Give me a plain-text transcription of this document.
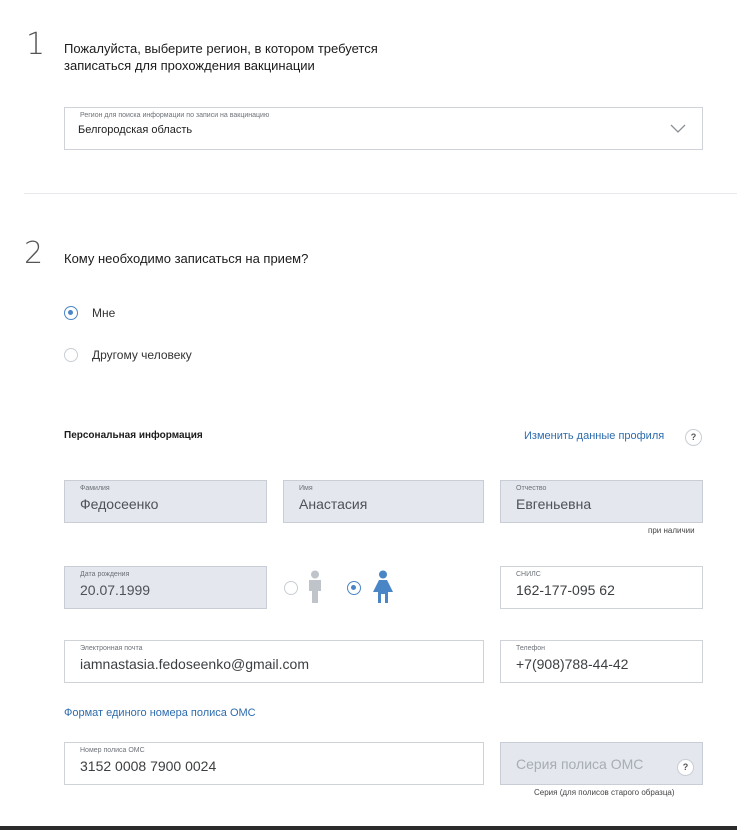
1 Пожалуйста, выберите регион, в котором требуется
записаться для прохождения вакцинации
Регион для поиска информации по записи на вакцинацию
Белгородская область
2 Кому необходимо записаться на прием?
Мне
Другому человеку
Персональная информация	Изменить данные профиля	?
Фамилия
Федосеенко
Имя
Анастасия
Отчество
Евгеньевна
при наличии
Дата рождения
20.07.1999
СНИЛС
162-177-095 62
Электронная почта
iamnastasia.fedoseenko@gmail.com
Телефон
+7(908)788-44-42
Формат единого номера полиса ОМС
Номер полиса ОМС
3152 0008 7900 0024	Серия полиса ОМС	?
Серия (для полисов старого образца)
